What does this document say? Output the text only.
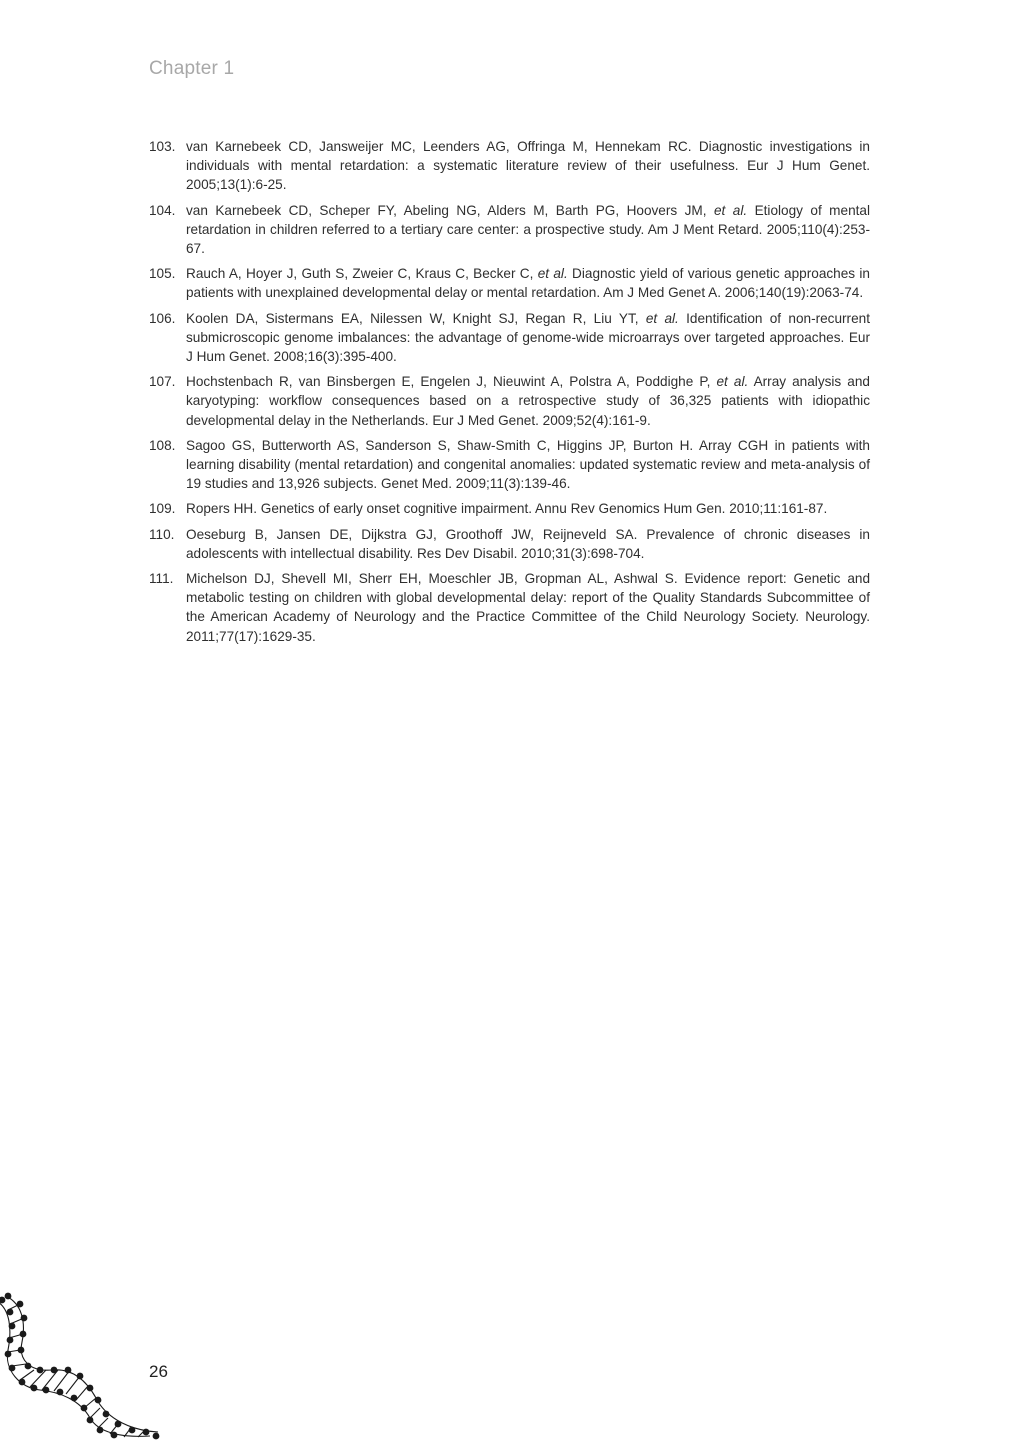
Chapter 1
103. van Karnebeek CD, Jansweijer MC, Leenders AG, Offringa M, Hennekam RC. Diagnostic investigations in individuals with mental retardation: a systematic literature review of their usefulness. Eur J Hum Genet. 2005;13(1):6-25.
104. van Karnebeek CD, Scheper FY, Abeling NG, Alders M, Barth PG, Hoovers JM, et al. Etiology of mental retardation in children referred to a tertiary care center: a prospective study. Am J Ment Retard. 2005;110(4):253-67.
105. Rauch A, Hoyer J, Guth S, Zweier C, Kraus C, Becker C, et al. Diagnostic yield of various genetic approaches in patients with unexplained developmental delay or mental retardation. Am J Med Genet A. 2006;140(19):2063-74.
106. Koolen DA, Sistermans EA, Nilessen W, Knight SJ, Regan R, Liu YT, et al. Identification of non-recurrent submicroscopic genome imbalances: the advantage of genome-wide microarrays over targeted approaches. Eur J Hum Genet. 2008;16(3):395-400.
107. Hochstenbach R, van Binsbergen E, Engelen J, Nieuwint A, Polstra A, Poddighe P, et al. Array analysis and karyotyping: workflow consequences based on a retrospective study of 36,325 patients with idiopathic developmental delay in the Netherlands. Eur J Med Genet. 2009;52(4):161-9.
108. Sagoo GS, Butterworth AS, Sanderson S, Shaw-Smith C, Higgins JP, Burton H. Array CGH in patients with learning disability (mental retardation) and congenital anomalies: updated systematic review and meta-analysis of 19 studies and 13,926 subjects. Genet Med. 2009;11(3):139-46.
109. Ropers HH. Genetics of early onset cognitive impairment. Annu Rev Genomics Hum Gen. 2010;11:161-87.
110. Oeseburg B, Jansen DE, Dijkstra GJ, Groothoff JW, Reijneveld SA. Prevalence of chronic diseases in adolescents with intellectual disability. Res Dev Disabil. 2010;31(3):698-704.
111. Michelson DJ, Shevell MI, Sherr EH, Moeschler JB, Gropman AL, Ashwal S. Evidence report: Genetic and metabolic testing on children with global developmental delay: report of the Quality Standards Subcommittee of the American Academy of Neurology and the Practice Committee of the Child Neurology Society. Neurology. 2011;77(17):1629-35.
26
